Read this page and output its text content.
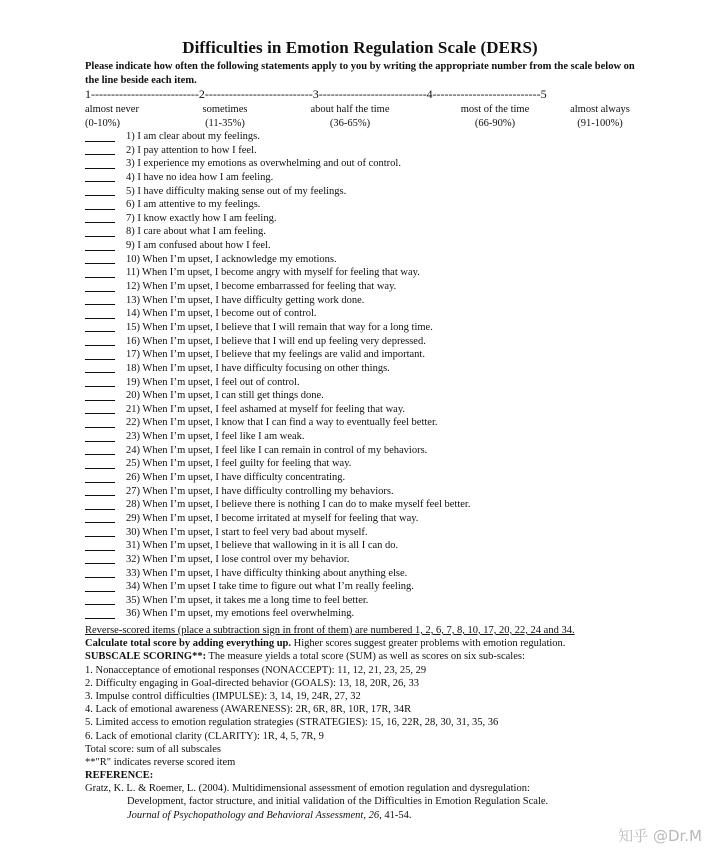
Difficulties in Emotion Regulation Scale (DERS)
Please indicate how often the following statements apply to you by writing the appropriate number from the scale below on the line beside each item.
1---------------------------2---------------------------3---------------------------4---------------------------5
almost never
(0-10%)
sometimes
(11-35%)
about half the time
(36-65%)
most of the time
(66-90%)
almost always
(91-100%)
1) I am clear about my feelings.
2) I pay attention to how I feel.
3) I experience my emotions as overwhelming and out of control.
4) I have no idea how I am feeling.
5) I have difficulty making sense out of my feelings.
6) I am attentive to my feelings.
7) I know exactly how I am feeling.
8) I care about what I am feeling.
9) I am confused about how I feel.
10) When I’m upset, I acknowledge my emotions.
11) When I’m upset, I become angry with myself for feeling that way.
12) When I’m upset, I become embarrassed for feeling that way.
13) When I’m upset, I have difficulty getting work done.
14) When I’m upset, I become out of control.
15) When I’m upset, I believe that I will remain that way for a long time.
16) When I’m upset, I believe that I will end up feeling very depressed.
17) When I’m upset, I believe that my feelings are valid and important.
18) When I’m upset, I have difficulty focusing on other things.
19) When I’m upset, I feel out of control.
20) When I’m upset, I can still get things done.
21) When I’m upset, I feel ashamed at myself for feeling that way.
22) When I’m upset, I know that I can find a way to eventually feel better.
23) When I’m upset, I feel like I am weak.
24) When I’m upset, I feel like I can remain in control of my behaviors.
25) When I’m upset, I feel guilty for feeling that way.
26) When I’m upset, I have difficulty concentrating.
27) When I’m upset, I have difficulty controlling my behaviors.
28) When I’m upset, I believe there is nothing I can do to make myself feel better.
29) When I’m upset, I become irritated at myself for feeling that way.
30) When I’m upset, I start to feel very bad about myself.
31) When I’m upset, I believe that wallowing in it is all I can do.
32) When I’m upset, I lose control over my behavior.
33) When I’m upset, I have difficulty thinking about anything else.
34) When I’m upset I take time to figure out what I’m really feeling.
35) When I’m upset, it takes me a long time to feel better.
36) When I’m upset, my emotions feel overwhelming.
Reverse-scored items (place a subtraction sign in front of them) are numbered 1, 2, 6, 7, 8, 10, 17, 20, 22, 24 and 34.
Calculate total score by adding everything up. Higher scores suggest greater problems with emotion regulation.
SUBSCALE SCORING**: The measure yields a total score (SUM) as well as scores on six sub-scales:
1. Nonacceptance of emotional responses (NONACCEPT): 11, 12, 21, 23, 25, 29
2. Difficulty engaging in Goal-directed behavior (GOALS): 13, 18, 20R, 26, 33
3. Impulse control difficulties (IMPULSE): 3, 14, 19, 24R, 27, 32
4. Lack of emotional awareness (AWARENESS): 2R, 6R, 8R, 10R, 17R, 34R
5. Limited access to emotion regulation strategies (STRATEGIES): 15, 16, 22R, 28, 30, 31, 35, 36
6. Lack of emotional clarity (CLARITY): 1R, 4, 5, 7R, 9
Total score: sum of all subscales
**"R" indicates reverse scored item
REFERENCE:
Gratz, K. L. & Roemer, L. (2004). Multidimensional assessment of emotion regulation and dysregulation:
Development, factor structure, and initial validation of the Difficulties in Emotion Regulation Scale.
Journal of Psychopathology and Behavioral Assessment, 26, 41-54.
知乎 @Dr.M
